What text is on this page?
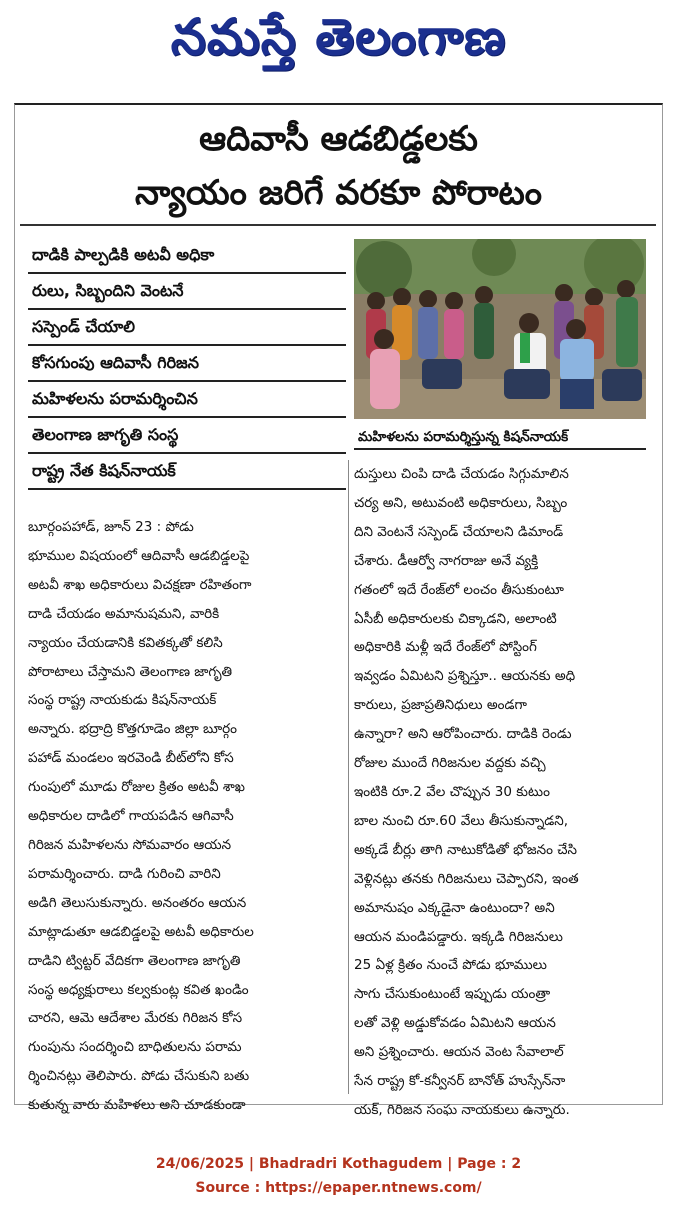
నమస్తే తెలంగాణ
ఆదివాసీ ఆడబిడ్డలకు
న్యాయం జరిగే వరకూ పోరాటం
దాడికి పాల్పడికి అటవీ అధికా
రులు, సిబ్బందిని వెంటనే
సస్పెండ్ చేయాలి
కోసగుంపు ఆదివాసీ గిరిజన
మహిళలను పరామర్శించిన
తెలంగాణ జాగృతి సంస్థ
రాష్ట్ర నేత కిషన్‌నాయక్
మహిళలను పరామర్శిస్తున్న కిషన్‌నాయక్
బూర్గంపహాడ్, జూన్ 23 : పోడు
భూముల విషయంలో ఆదివాసీ ఆడబిడ్డలపై
అటవీ శాఖ అధికారులు విచక్షణా రహితంగా
దాడి చేయడం అమానుషమని, వారికి
న్యాయం చేయడానికి కవితక్కతో కలిసి
పోరాటాలు చేస్తామని తెలంగాణ జాగృతి
సంస్థ రాష్ట్ర నాయకుడు కిషన్‌నాయక్
అన్నారు. భద్రాద్రి కొత్తగూడెం జిల్లా బూర్గం
పహాడ్ మండలం ఇరవెండి బీట్‌లోని కోస
గుంపులో మూడు రోజుల క్రితం అటవీ శాఖ
అధికారుల దాడిలో గాయపడిన ఆగివాసీ
గిరిజన మహిళలను సోమవారం ఆయన
పరామర్శించారు. దాడి గురించి వారిని
అడిగి తెలుసుకున్నారు. అనంతరం ఆయన
మాట్లాడుతూ ఆడబిడ్డలపై అటవీ అధికారుల
దాడిని ట్విట్టర్ వేదికగా తెలంగాణ జాగృతి
సంస్థ అధ్యక్షురాలు కల్వకుంట్ల కవిత ఖండిం
చారని, ఆమె ఆదేశాల మేరకు గిరిజన కోస
గుంపును సందర్శించి బాధితులను పరామ
ర్శించినట్లు తెలిపారు. పోడు చేసుకుని బతు
కుతున్న వారు మహిళలు అని చూడకుండా
దుస్తులు చింపి దాడి చేయడం సిగ్గుమాలిన
చర్య అని, అటువంటి అధికారులు, సిబ్బం
దిని వెంటనే సస్పెండ్ చేయాలని డిమాండ్
చేశారు. డీఆర్వో నాగరాజు అనే వ్యక్తి
గతంలో ఇదే రేంజ్‌లో లంచం తీసుకుంటూ
ఏసీబీ అధికారులకు చిక్కాడని, అలాంటి
అధికారికి మళ్లీ ఇదే రేంజ్‌లో పోస్టింగ్
ఇవ్వడం ఏమిటని ప్రశ్నిస్తూ.. ఆయనకు అధి
కారులు, ప్రజాప్రతినిధులు అండగా
ఉన్నారా? అని ఆరోపించారు. దాడికి రెండు
రోజుల ముందే గిరిజనుల వద్దకు వచ్చి
ఇంటికి రూ.2 వేల చొప్పున 30 కుటుం
బాల నుంచి రూ.60 వేలు తీసుకున్నాడని,
అక్కడే బీర్లు తాగి నాటుకోడితో భోజనం చేసి
వెళ్లినట్లు తనకు గిరిజనులు చెప్పారని, ఇంత
అమానుషం ఎక్కడైనా ఉంటుందా? అని
ఆయన మండిపడ్డారు. ఇక్కడి గిరిజనులు
25 ఏళ్ల క్రితం నుంచే పోడు భూములు
సాగు చేసుకుంటుంటే ఇప్పుడు యంత్రా
లతో వెళ్లి అడ్డుకోవడం ఏమిటని ఆయన
అని ప్రశ్నించారు. ఆయన వెంట సేవాలాల్
సేన రాష్ట్ర కో-కన్వీనర్ బానోత్ హుస్సేన్‌నా
యక్, గిరిజన సంఘ నాయకులు ఉన్నారు.
24/06/2025 | Bhadradri Kothagudem | Page : 2
Source : https://epaper.ntnews.com/
